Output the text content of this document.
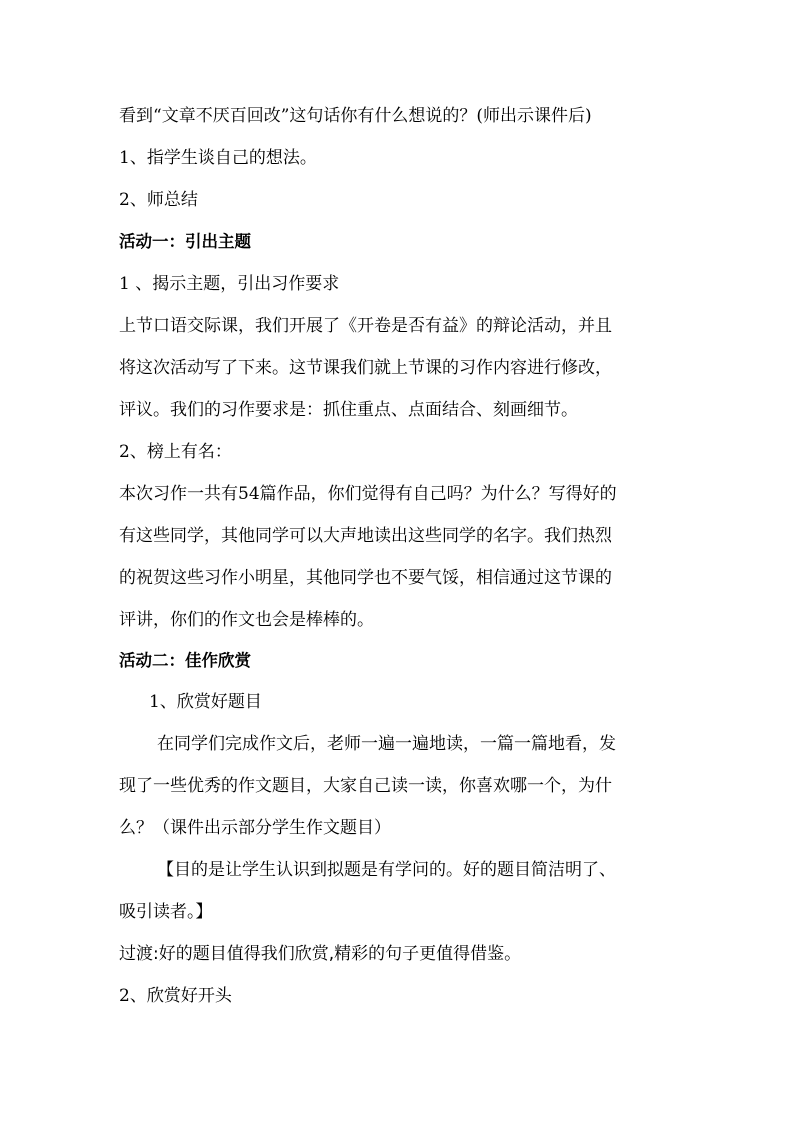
看到“文章不厌百回改”这句话你有什么想说的？(师出示课件后)
1、指学生谈自己的想法。
2、师总结
活动一：引出主题
1 、揭示主题，引出习作要求
上节口语交际课，我们开展了《开卷是否有益》的辩论活动，并且
将这次活动写了下来。这节课我们就上节课的习作内容进行修改，
评议。我们的习作要求是：抓住重点、点面结合、刻画细节。
2、榜上有名：
本次习作一共有54篇作品，你们觉得有自己吗？为什么？写得好的
有这些同学，其他同学可以大声地读出这些同学的名字。我们热烈
的祝贺这些习作小明星，其他同学也不要气馁，相信通过这节课的
评讲，你们的作文也会是棒棒的。
活动二：佳作欣赏
1、欣赏好题目
在同学们完成作文后，老师一遍一遍地读，一篇一篇地看，发
现了一些优秀的作文题目，大家自己读一读，你喜欢哪一个，为什
么？（课件出示部分学生作文题目）
【目的是让学生认识到拟题是有学问的。好的题目简洁明了、
吸引读者。】
过渡:好的题目值得我们欣赏,精彩的句子更值得借鉴。
2、欣赏好开头
